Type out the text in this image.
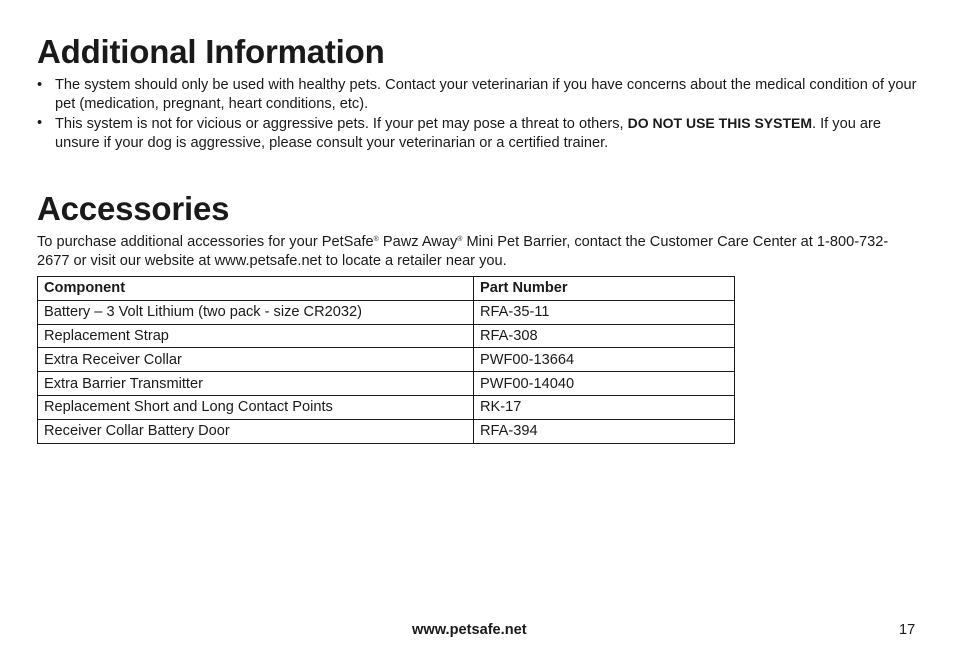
Additional Information
• The system should only be used with healthy pets. Contact your veterinarian if you have concerns about the medical condition of your pet (medication, pregnant, heart conditions, etc).
• This system is not for vicious or aggressive pets. If your pet may pose a threat to others, DO NOT USE THIS SYSTEM. If you are unsure if your dog is aggressive, please consult your veterinarian or a certified trainer.
Accessories

To purchase additional accessories for your PetSafe® Pawz Away® Mini Pet Barrier, contact the Customer Care Center at 1-800-732-2677 or visit our website at www.petsafe.net to locate a retailer near you.

Component	Part Number
Battery – 3 Volt Lithium (two pack - size CR2032)	RFA-35-11
Replacement Strap	RFA-308
Extra Receiver Collar	PWF00-13664
Extra Barrier Transmitter	PWF00-14040
Replacement Short and Long Contact Points	RK-17
Receiver Collar Battery Door	RFA-394
www.petsafe.net	17
